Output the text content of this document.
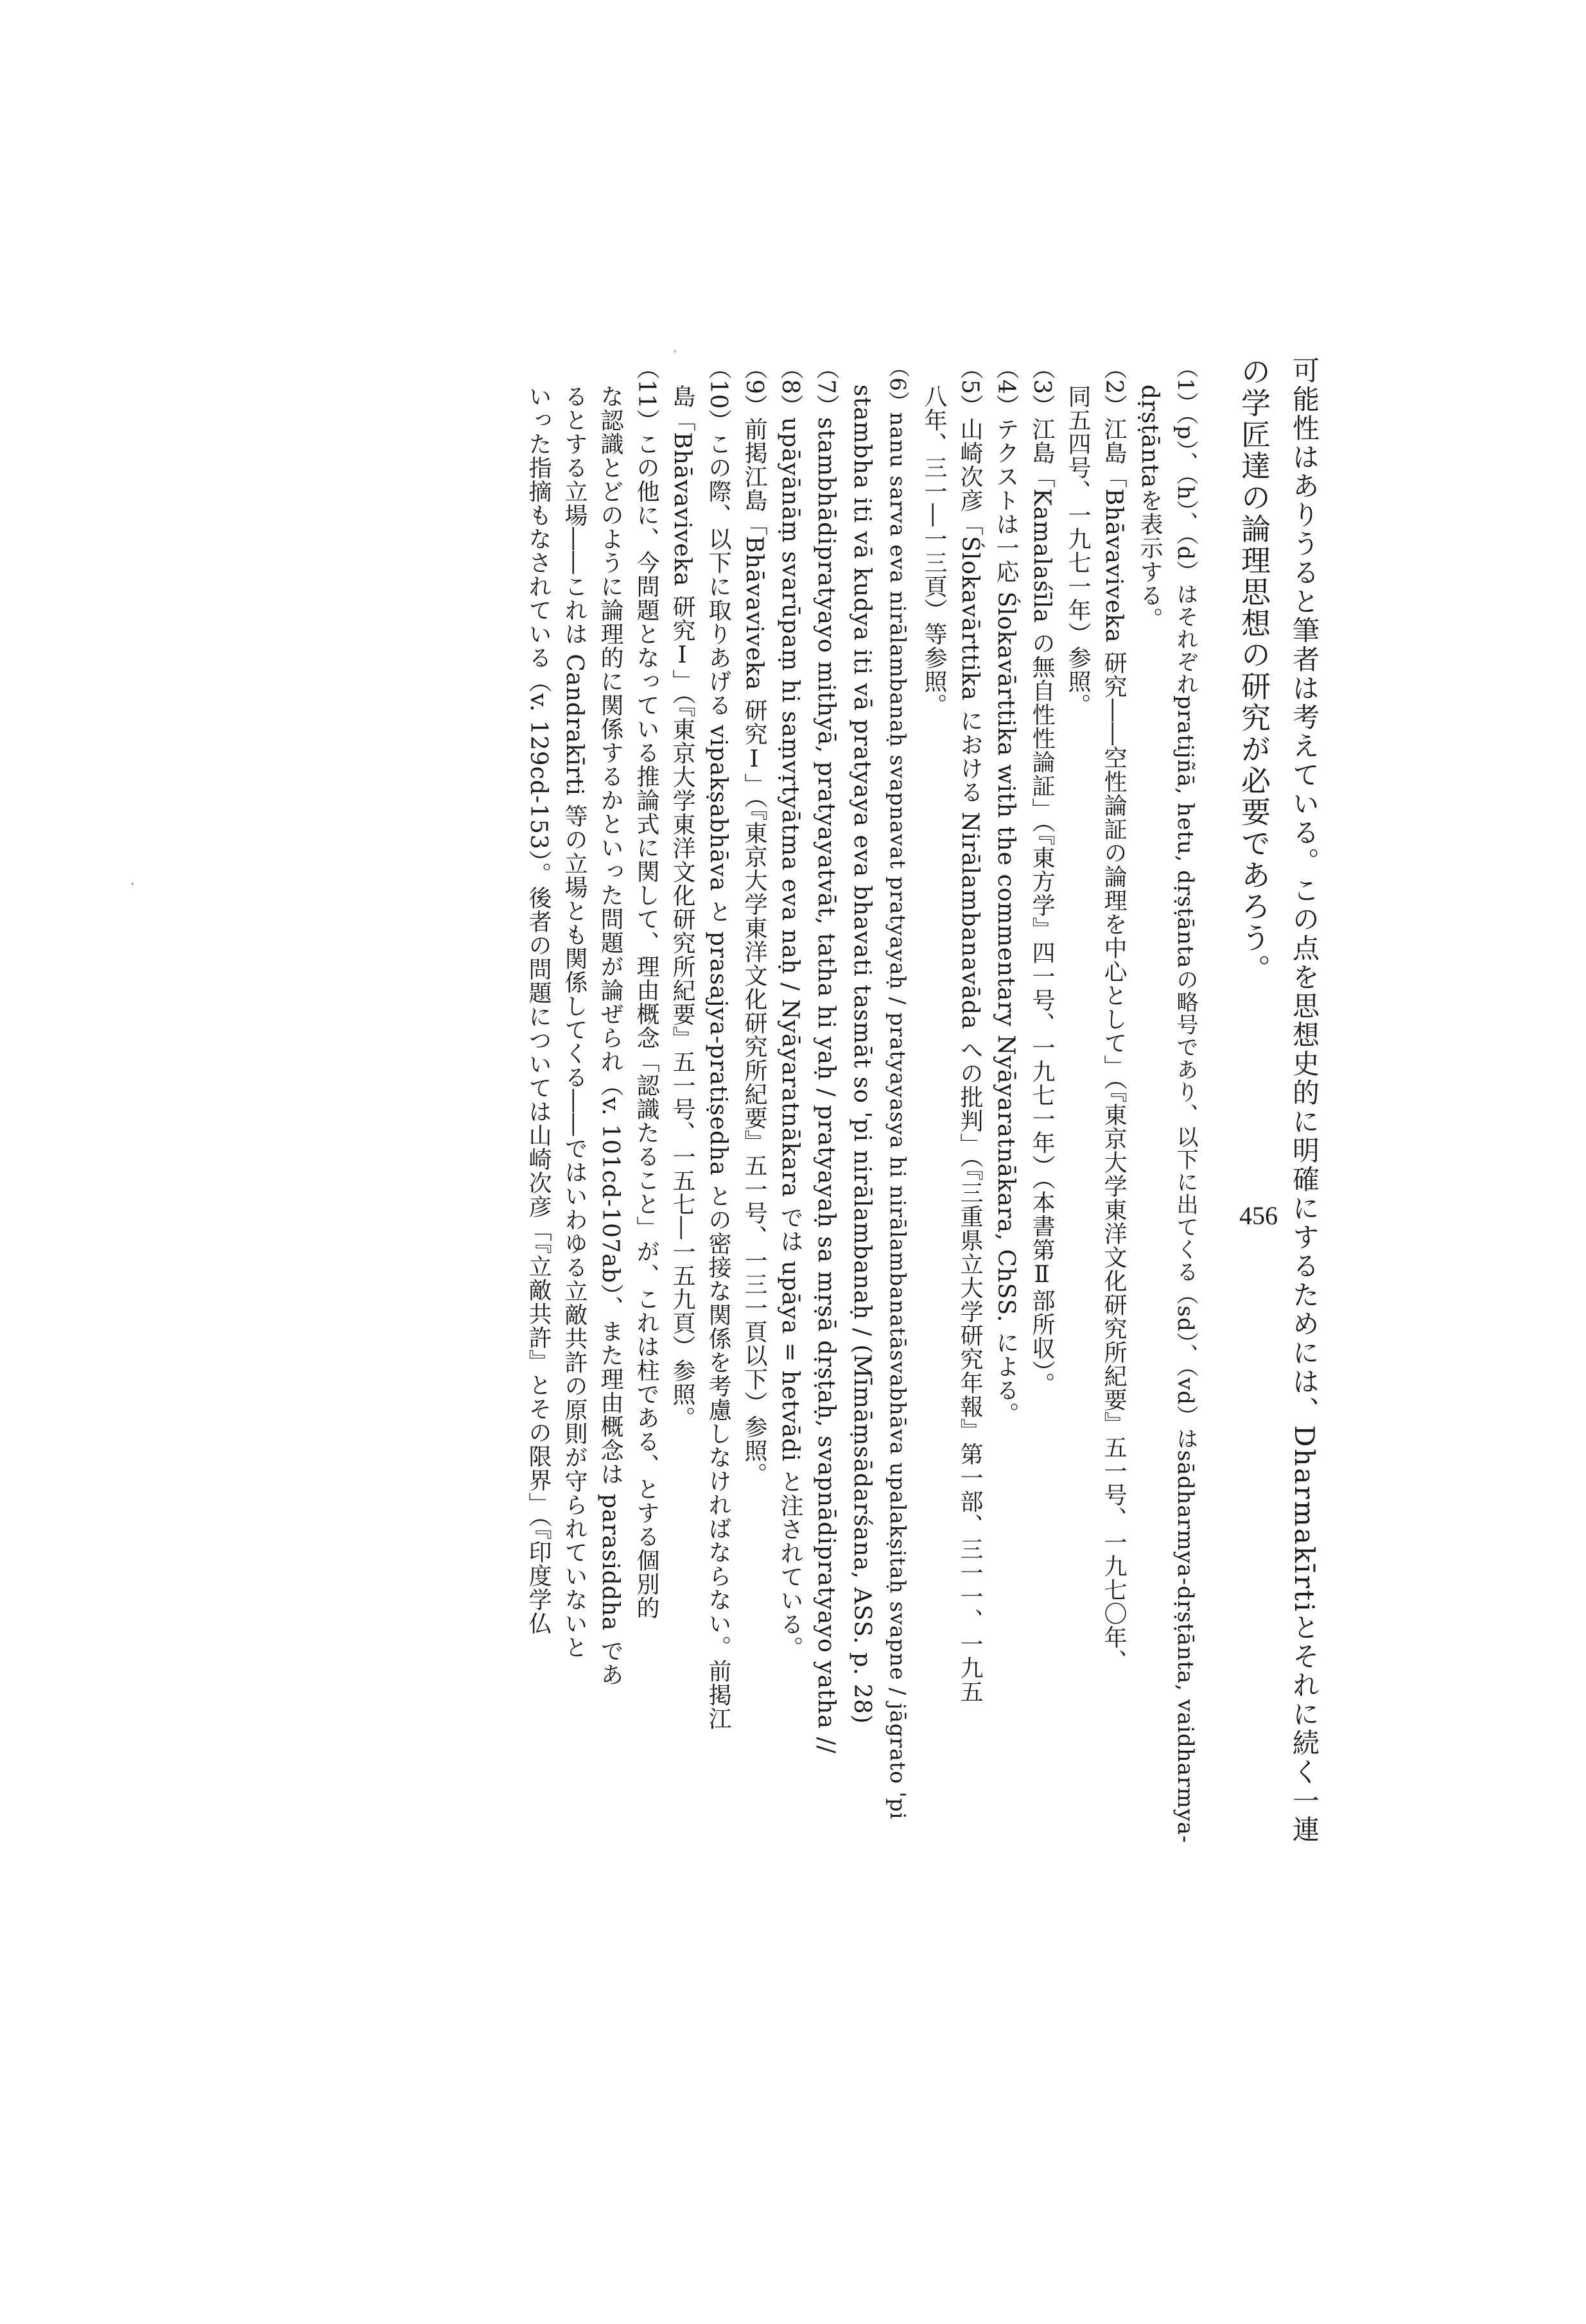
可能性はありうると筆者は考えている。この点を思想史的に明確にするためには、Dharmakīrtiとそれに続く一連
の学匠達の論理思想の研究が必要であろう。
（1）（p）、（h）、（d）はそれぞれpratijñā, hetu, dṛṣṭāntaの略号であり、以下に出てくる（sd）、（vd）はsādharmya-dṛṣṭānta, vaidharmya-
dṛṣṭāntaを表示する。
（2）江島「Bhāvaviveka 研究――空性論証の論理を中心として」（『東京大学東洋文化研究所紀要』五一号、一九七〇年、
同五四号、一九七一年）参照。
（3）江島「Kamalaśīla の無自性性論証」（『東方学』四一号、一九七一年）（本書第Ⅱ部所収）。
（4）テクストは一応 Ślokavārttika with the commentary Nyāyaratnākara, ChSS. による。
（5）山崎次彦「Ślokavārttika における Nirālambanavāda への批判」（『三重県立大学研究年報』第一部、三一一、一九五
八年、三一―一三頁）等参照。
（6）nanu sarva eva nirālambanaḥ svapnavat pratyayaḥ / pratyayasya hi nirālambanatāsvabhāva upalakṣitaḥ svapne / jāgrato 'pi
stambha iti vā kudya iti vā pratyaya eva bhavati tasmāt so 'pi nirālambanaḥ / (Mīmāṃsādarśana, ASS. p. 28)
（7）stambhādipratyayo mithyā, pratyayatvāt, tatha hi yaḥ / pratyayaḥ sa mṛṣā dṛṣṭaḥ, svapnādipratyayo yatha //
（8）upāyānāṃ svarūpaṃ hi saṃvṛtyātma eva naḥ / Nyāyaratnākara では upāya = hetvādi と注されている。
（9）前掲江島「Bhāvaviveka 研究Ⅰ」（『東京大学東洋文化研究所紀要』五一号、一三一頁以下）参照。
（10）この際、以下に取りあげる vipakṣabhāva と prasajya-pratiṣedha との密接な関係を考慮しなければならない。前掲江
島「Bhāvaviveka 研究Ⅰ」（『東京大学東洋文化研究所紀要』五一号、一五七―一五九頁）参照。
（11）この他に、今問題となっている推論式に関して、理由概念「認識たること」が、これは柱である、とする個別的
な認識とどのように論理的に関係するかといった問題が論ぜられ（v. 101cd-107ab）、また理由概念は parasiddha であ
るとする立場――これは Candrakīrti 等の立場とも関係してくる――ではいわゆる立敵共許の原則が守られていないと
いった指摘もなされている（v. 129cd-153）。後者の問題については山崎次彦「『立敵共許』とその限界」（『印度学仏	456
